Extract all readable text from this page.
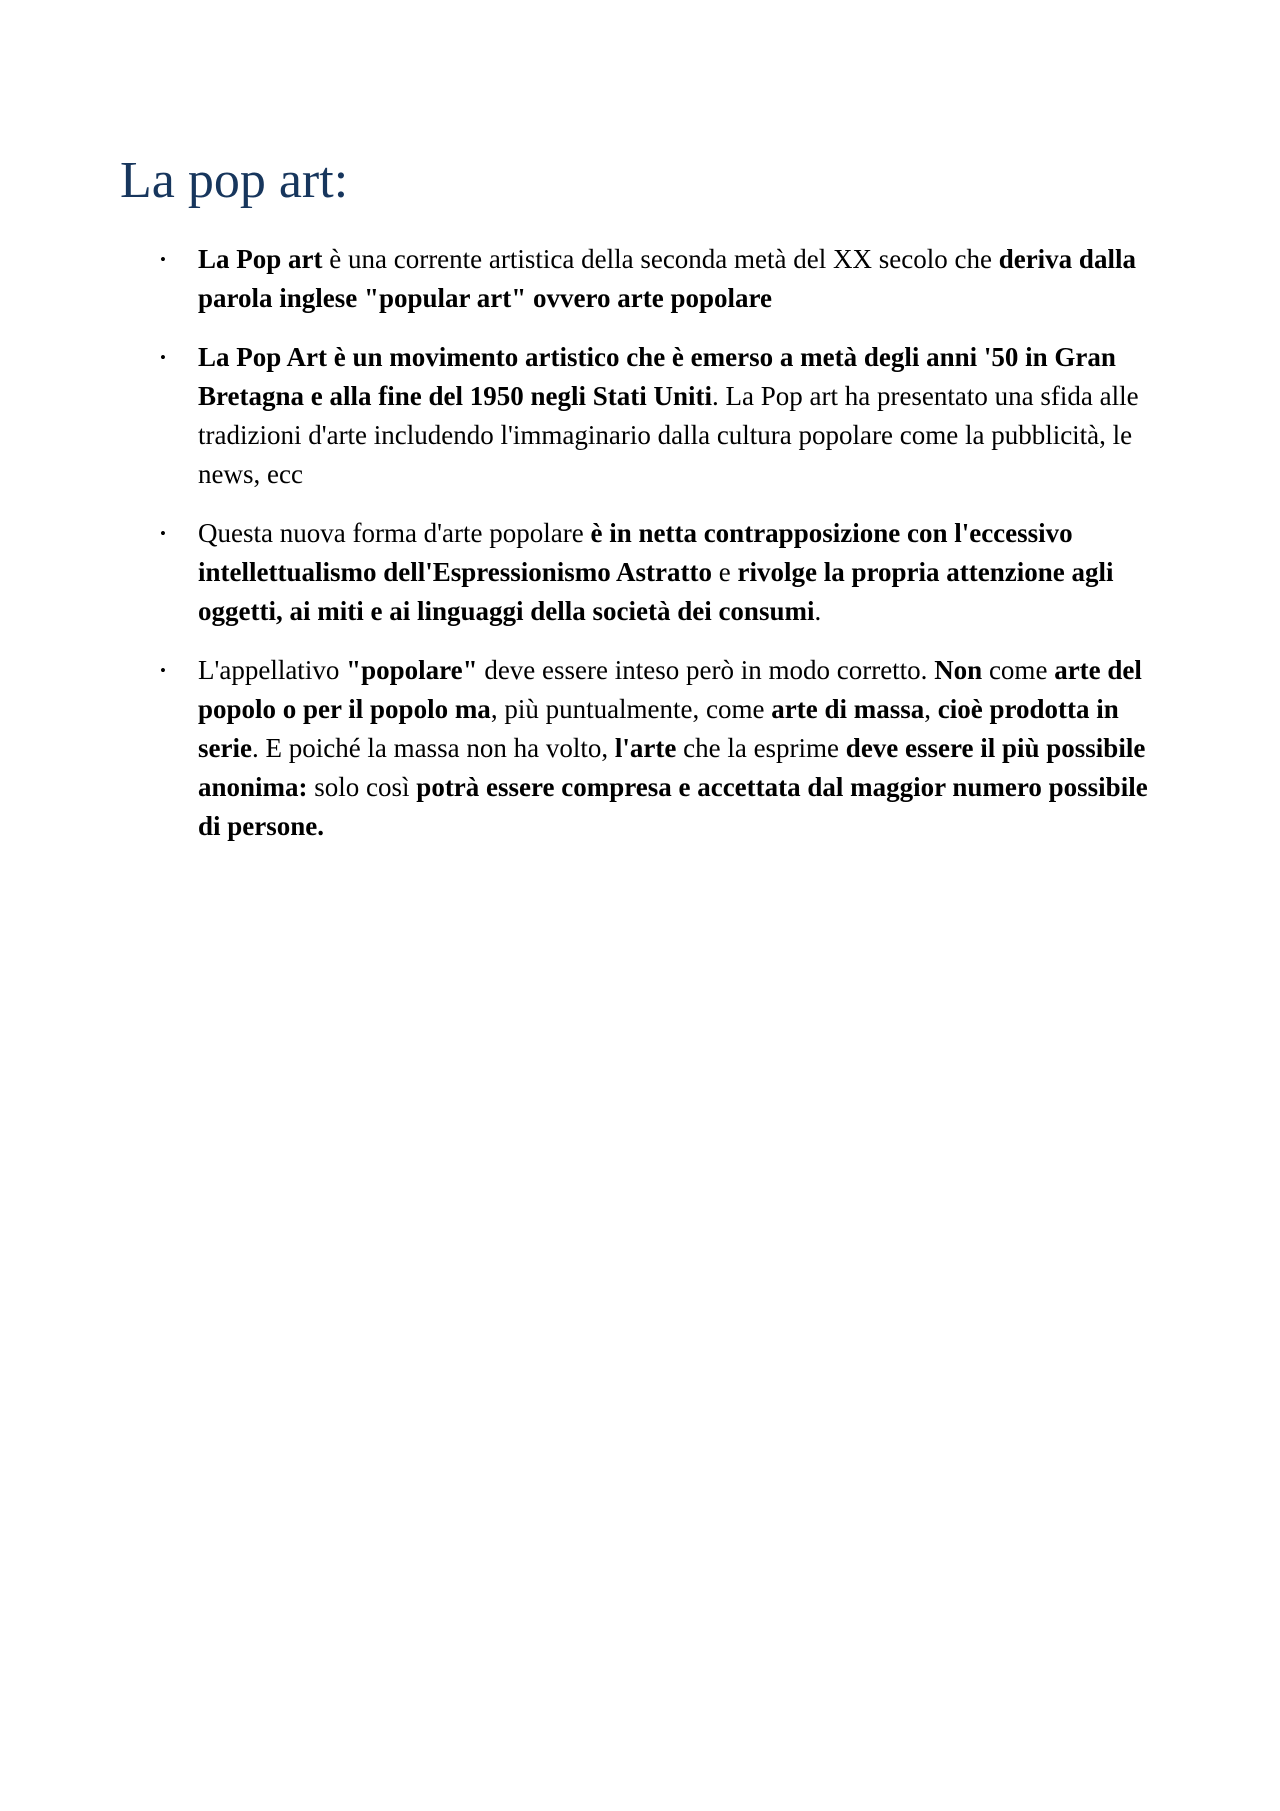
La pop art:
•	La Pop art è una corrente artistica della seconda metà del XX secolo che deriva dalla parola inglese "popular art" ovvero arte popolare

•	La Pop Art è un movimento artistico che è emerso a metà degli anni '50 in Gran Bretagna e alla fine del 1950 negli Stati Uniti. La Pop art ha presentato una sfida alle tradizioni d'arte includendo l'immaginario dalla cultura popolare come la pubblicità, le news, ecc

•	Questa nuova forma d'arte popolare è in netta contrapposizione con l'eccessivo intellettualismo dell'Espressionismo Astratto e rivolge la propria attenzione agli oggetti, ai miti e ai linguaggi della società dei consumi.

•	L'appellativo "popolare" deve essere inteso però in modo corretto. Non come arte del popolo o per il popolo ma, più puntualmente, come arte di massa, cioè prodotta in serie. E poiché la massa non ha volto, l'arte che la esprime deve essere il più possibile anonima: solo così potrà essere compresa e accettata dal maggior numero possibile di persone.
